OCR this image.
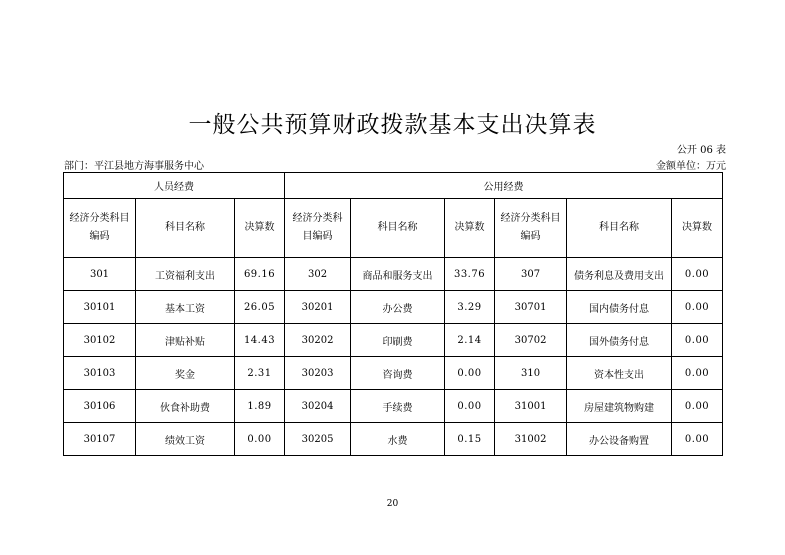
一般公共预算财政拨款基本支出决算表
公开 06 表
部门：平江县地方海事服务中心	金额单位：万元
人员经费			公用经费					
经济分类科目编码	科目名称	决算数	经济分类科目编码	科目名称	决算数	经济分类科目编码	科目名称	决算数
301	工资福利支出	69.16	302	商品和服务支出	33.76	307	债务利息及费用支出	0.00
30101	基本工资	26.05	30201	办公费	3.29	30701	国内债务付息	0.00
30102	津贴补贴	14.43	30202	印刷费	2.14	30702	国外债务付息	0.00
30103	奖金	2.31	30203	咨询费	0.00	310	资本性支出	0.00
30106	伙食补助费	1.89	30204	手续费	0.00	31001	房屋建筑物购建	0.00
30107	绩效工资	0.00	30205	水费	0.15	31002	办公设备购置	0.00
20
